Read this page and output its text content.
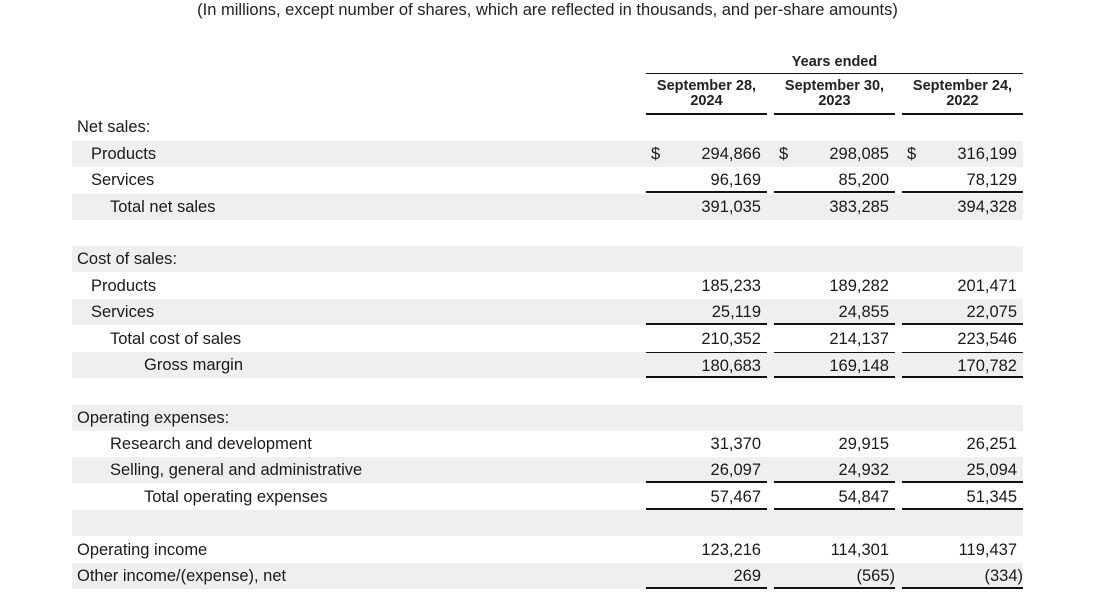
(In millions, except number of shares, which are reflected in thousands, and per-share amounts)
Years ended
September 28,
2024
September 30,
2023
September 24,
2022
Net sales:
Products	$ 294,866 $ 298,085 $ 316,199
Services	96,169	85,200	78,129
Total net sales	391,035	383,285	394,328
Cost of sales:
Products	185,233	189,282	201,471
Services	25,119	24,855	22,075
Total cost of sales	210,352	214,137	223,546
Gross margin	180,683	169,148	170,782
Operating expenses:
Research and development	31,370	29,915	26,251
Selling, general and administrative	26,097	24,932	25,094
Total operating expenses	57,467	54,847	51,345
Operating income	123,216	114,301	119,437
Other income/(expense), net	269	(565)	(334)
